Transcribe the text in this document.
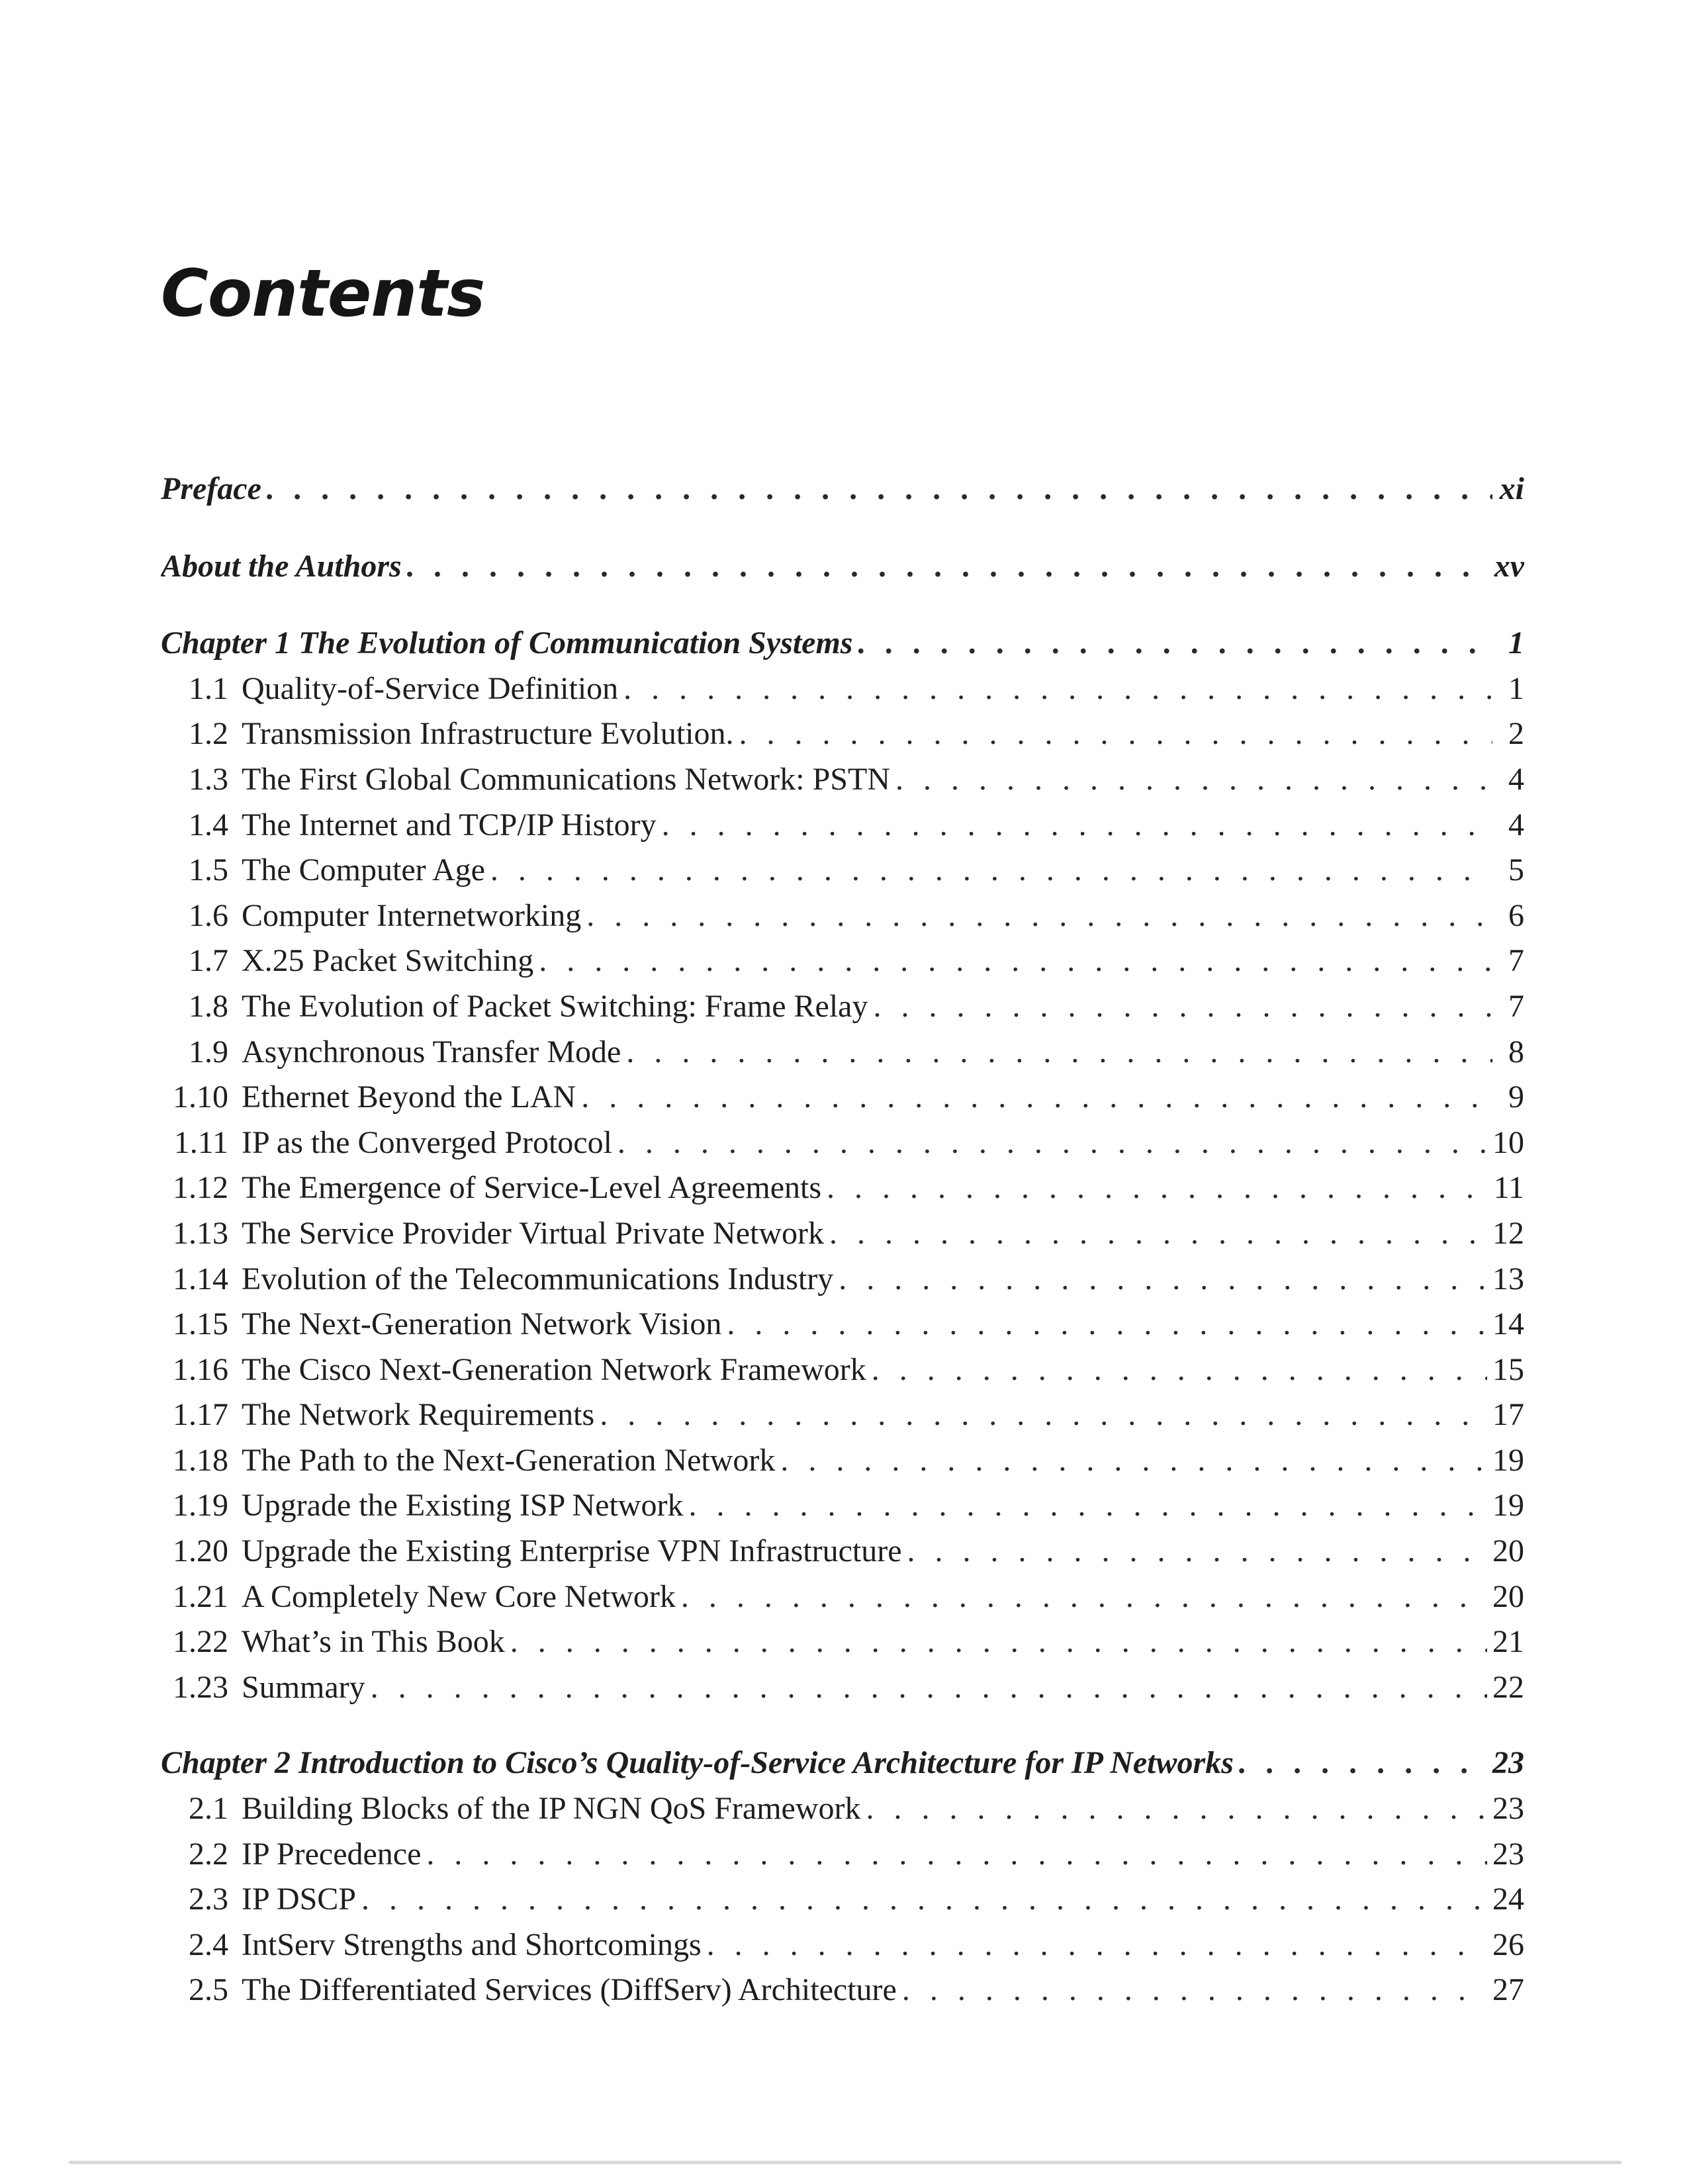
Contents
Preface . . .	xi
About the Authors . . .	xv
Chapter 1 The Evolution of Communication Systems . . .	1
1.1 Quality-of-Service Definition . . .	1
1.2 Transmission Infrastructure Evolution. . . .	2
1.3 The First Global Communications Network: PSTN . . .	4
1.4 The Internet and TCP/IP History . . .	4
1.5 The Computer Age . . .	5
1.6 Computer Internetworking . . .	6
1.7 X.25 Packet Switching . . .	7
1.8 The Evolution of Packet Switching: Frame Relay . . .	7
1.9 Asynchronous Transfer Mode . . .	8
1.10 Ethernet Beyond the LAN . . .	9
1.11 IP as the Converged Protocol . . .	10
1.12 The Emergence of Service-Level Agreements . . .	11
1.13 The Service Provider Virtual Private Network . . .	12
1.14 Evolution of the Telecommunications Industry . . .	13
1.15 The Next-Generation Network Vision . . .	14
1.16 The Cisco Next-Generation Network Framework . . .	15
1.17 The Network Requirements . . .	17
1.18 The Path to the Next-Generation Network . . .	19
1.19 Upgrade the Existing ISP Network . . .	19
1.20 Upgrade the Existing Enterprise VPN Infrastructure . . .	20
1.21 A Completely New Core Network . . .	20
1.22 What’s in This Book . . .	21
1.23 Summary . . .	22
Chapter 2 Introduction to Cisco’s Quality-of-Service Architecture for IP Networks . . .	23
2.1 Building Blocks of the IP NGN QoS Framework . . .	23
2.2 IP Precedence . . .	23
2.3 IP DSCP . . .	24
2.4 IntServ Strengths and Shortcomings . . .	26
2.5 The Differentiated Services (DiffServ) Architecture . . .	27
